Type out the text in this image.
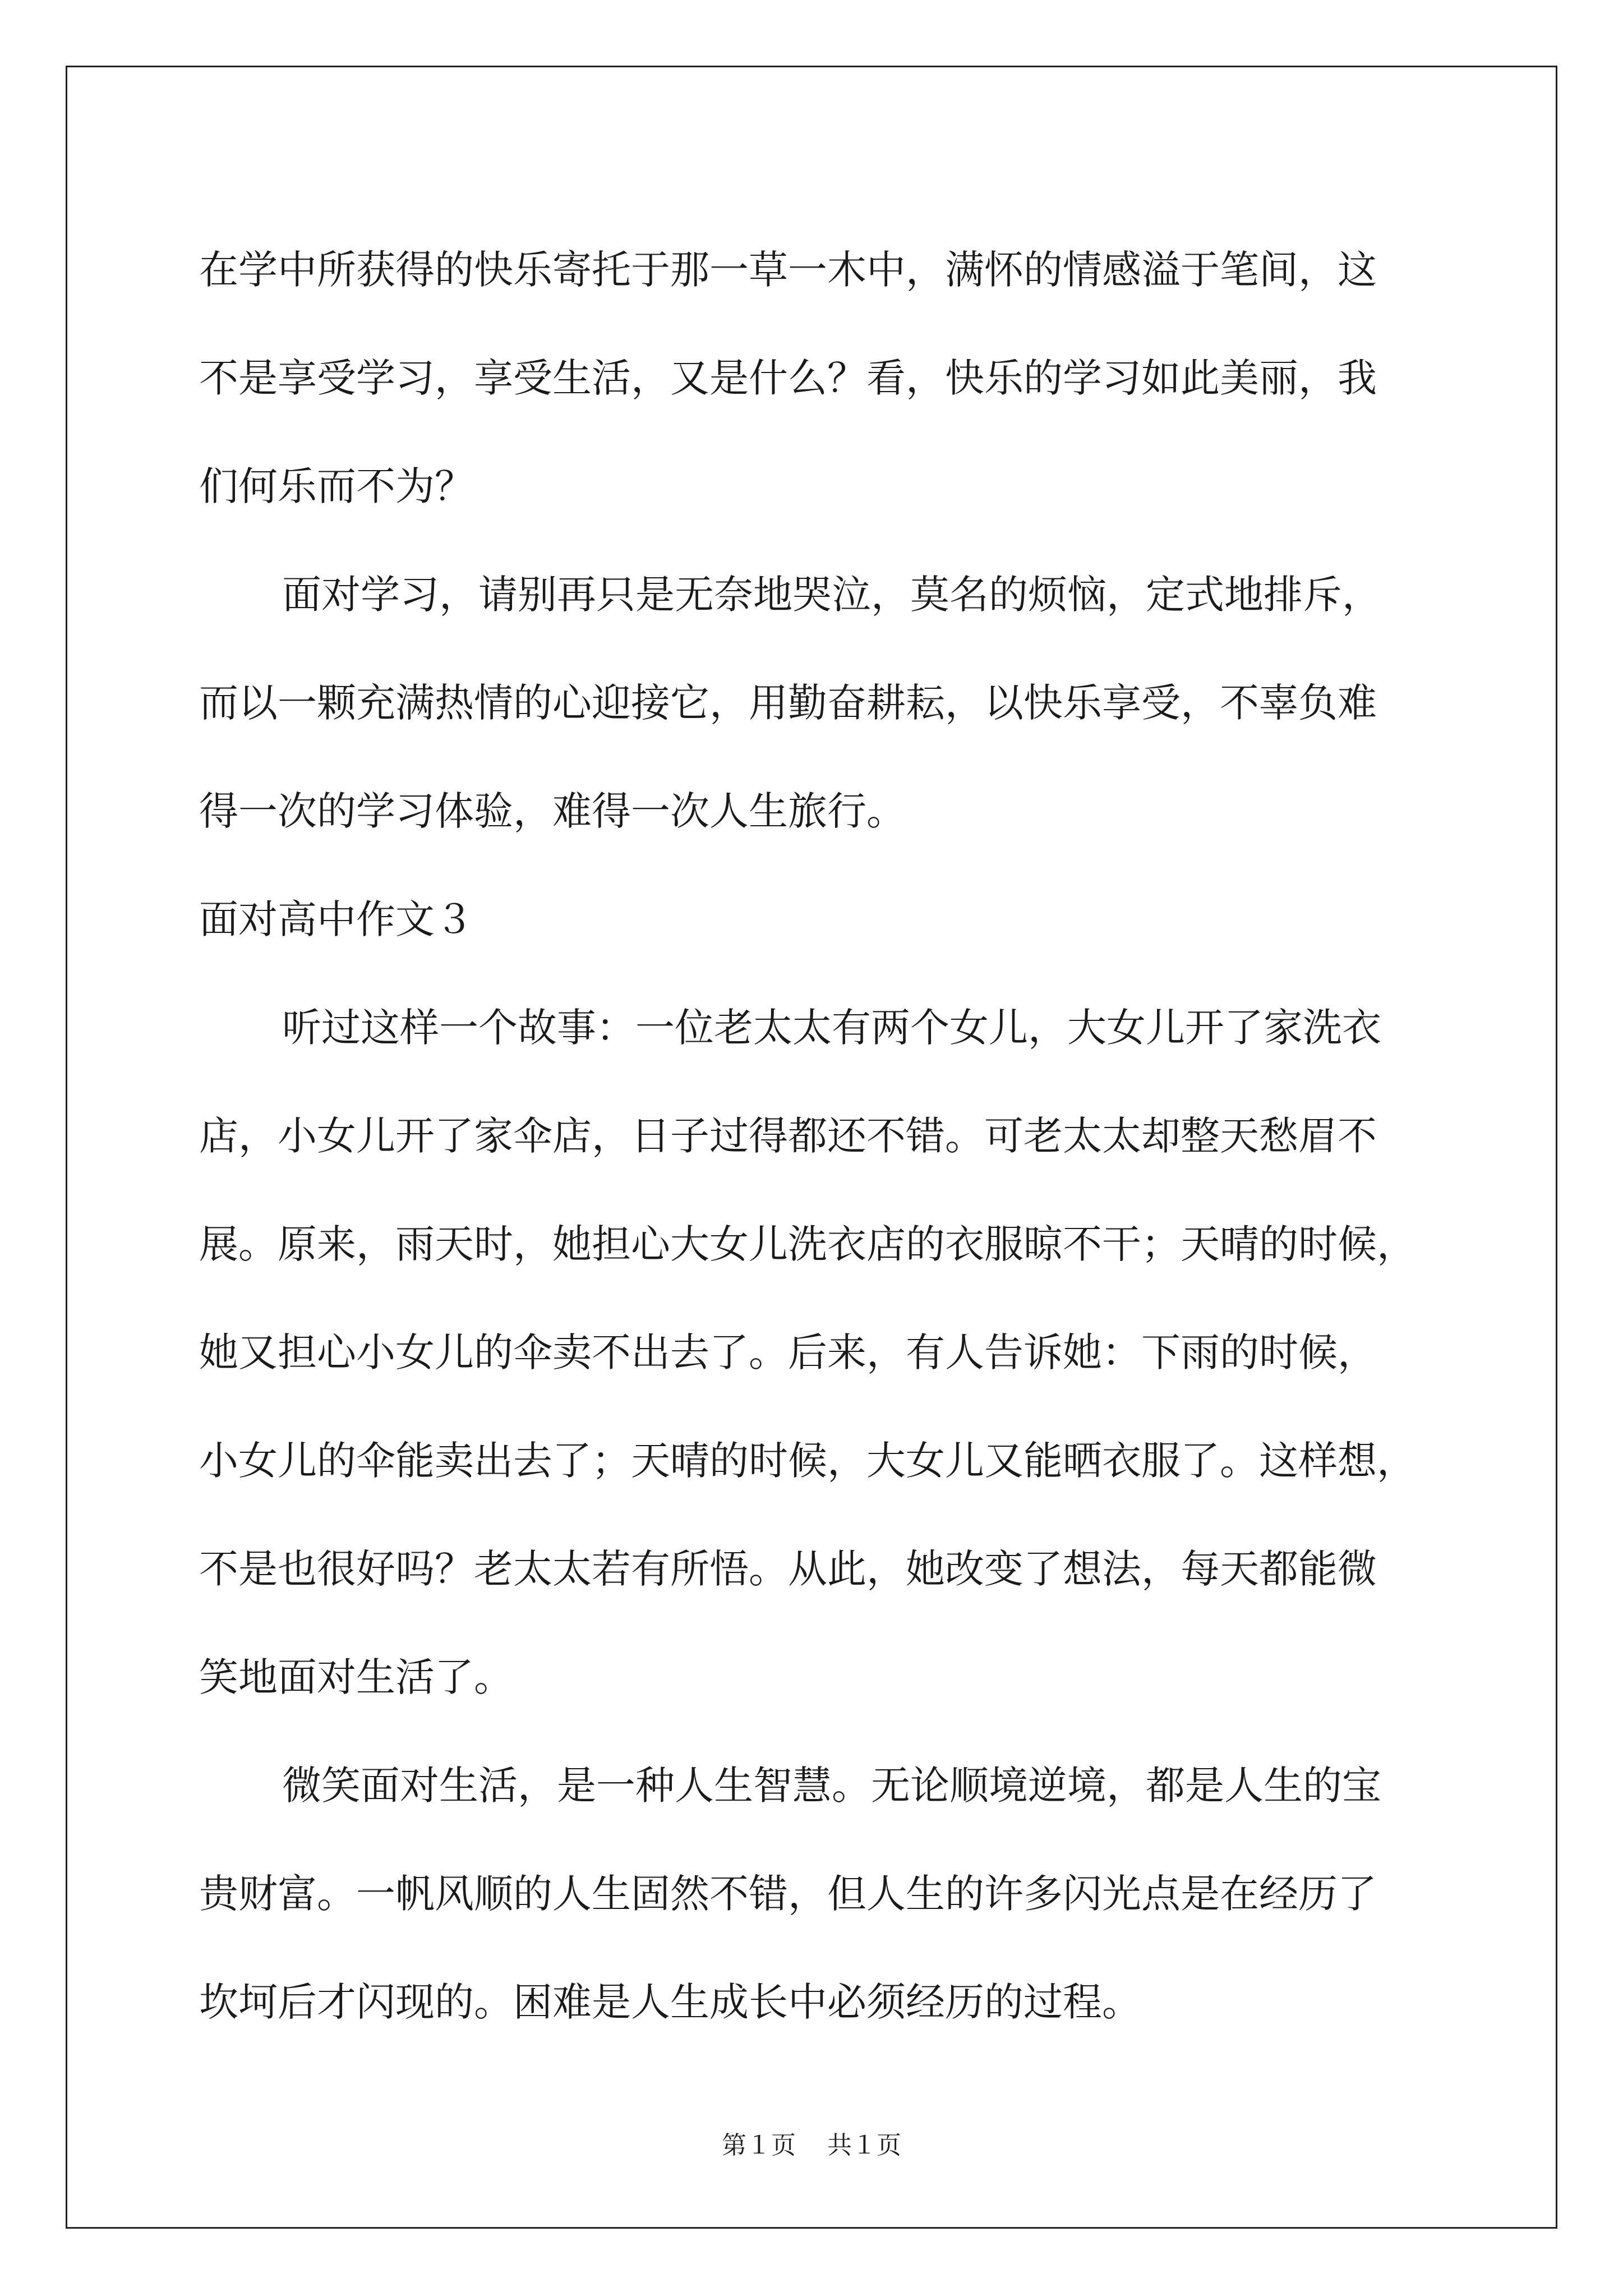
在学中所获得的快乐寄托于那一草一木中，满怀的情感溢于笔间，这
不是享受学习，享受生活，又是什么？看，快乐的学习如此美丽，我
们何乐而不为？

面对学习，请别再只是无奈地哭泣，莫名的烦恼，定式地排斥，
而以一颗充满热情的心迎接它，用勤奋耕耘，以快乐享受，不辜负难
得一次的学习体验，难得一次人生旅行。

面对高中作文３

听过这样一个故事：一位老太太有两个女儿，大女儿开了家洗衣
店，小女儿开了家伞店，日子过得都还不错。可老太太却整天愁眉不
展。原来，雨天时，她担心大女儿洗衣店的衣服晾不干；天晴的时候，
她又担心小女儿的伞卖不出去了。后来，有人告诉她：下雨的时候，
小女儿的伞能卖出去了；天晴的时候，大女儿又能晒衣服了。这样想，
不是也很好吗？老太太若有所悟。从此，她改变了想法，每天都能微
笑地面对生活了。

微笑面对生活，是一种人生智慧。无论顺境逆境，都是人生的宝
贵财富。一帆风顺的人生固然不错，但人生的许多闪光点是在经历了
坎坷后才闪现的。困难是人生成长中必须经历的过程。

第１页 共１页
